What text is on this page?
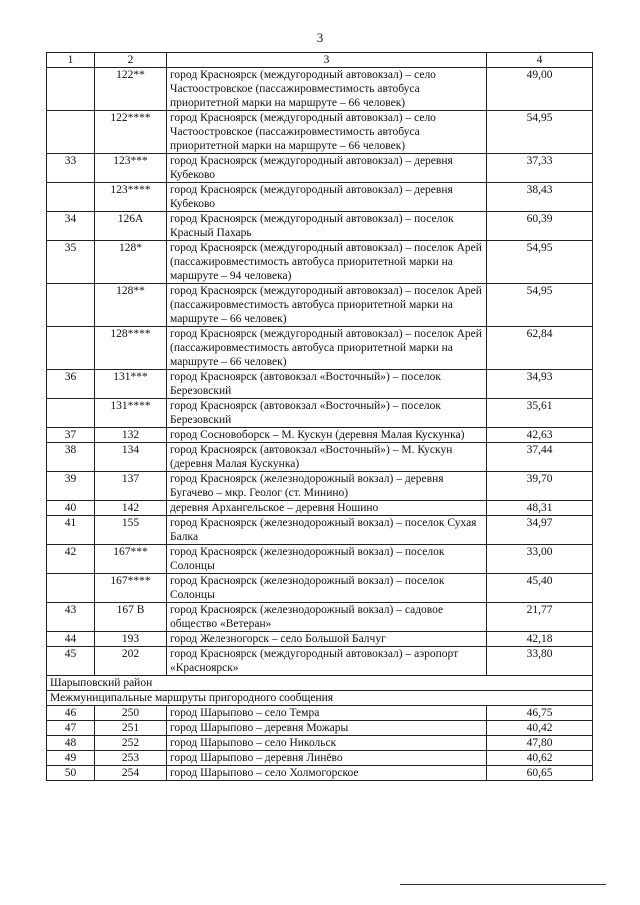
3
1	2	3	4
	122**	город Красноярск (междугородный автовокзал) – село Частоостровское (пассажировместимость автобуса приоритетной марки на маршруте – 66 человек)	49,00
	122****	город Красноярск (междугородный автовокзал) – село Частоостровское (пассажировместимость автобуса приоритетной марки на маршруте – 66 человек)	54,95
33	123***	город Красноярск (междугородный автовокзал) – деревня Кубеково	37,33
	123****	город Красноярск (междугородный автовокзал) – деревня Кубеково	38,43
34	126А	город Красноярск (междугородный автовокзал) – поселок Красный Пахарь	60,39
35	128*	город Красноярск (междугородный автовокзал) – поселок Арей (пассажировместимость автобуса приоритетной марки на маршруте – 94 человека)	54,95
	128**	город Красноярск (междугородный автовокзал) – поселок Арей (пассажировместимость автобуса приоритетной марки на маршруте – 66 человек)	54,95
	128****	город Красноярск (междугородный автовокзал) – поселок Арей (пассажировместимость автобуса приоритетной марки на маршруте – 66 человек)	62,84
36	131***	город Красноярск (автовокзал «Восточный») – поселок Березовский	34,93
	131****	город Красноярск (автовокзал «Восточный») – поселок Березовский	35,61
37	132	город Сосновоборск – М. Кускун (деревня Малая Кускунка)	42,63
38	134	город Красноярск (автовокзал «Восточный») – М. Кускун (деревня Малая Кускунка)	37,44
39	137	город Красноярск (железнодорожный вокзал) – деревня Бугачево – мкр. Геолог (ст. Минино)	39,70
40	142	деревня Архангельское – деревня Ношино	48,31
41	155	город Красноярск (железнодорожный вокзал) – поселок Сухая Балка	34,97
42	167***	город Красноярск (железнодорожный вокзал) – поселок Солонцы	33,00
	167****	город Красноярск (железнодорожный вокзал) – поселок Солонцы	45,40
43	167 В	город Красноярск (железнодорожный вокзал) – садовое общество «Ветеран»	21,77
44	193	город Железногорск – село Большой Балчуг	42,18
45	202	город Красноярск (междугородный автовокзал) – аэропорт «Красноярск»	33,80
Шарыповский район			
Межмуниципальные маршруты пригородного сообщения			
46	250	город Шарыпово – село Темра	46,75
47	251	город Шарыпово – деревня Можары	40,42
48	252	город Шарыпово – село Никольск	47,80
49	253	город Шарыпово – деревня Линёво	40,62
50	254	город Шарыпово – село Холмогорское	60,65
